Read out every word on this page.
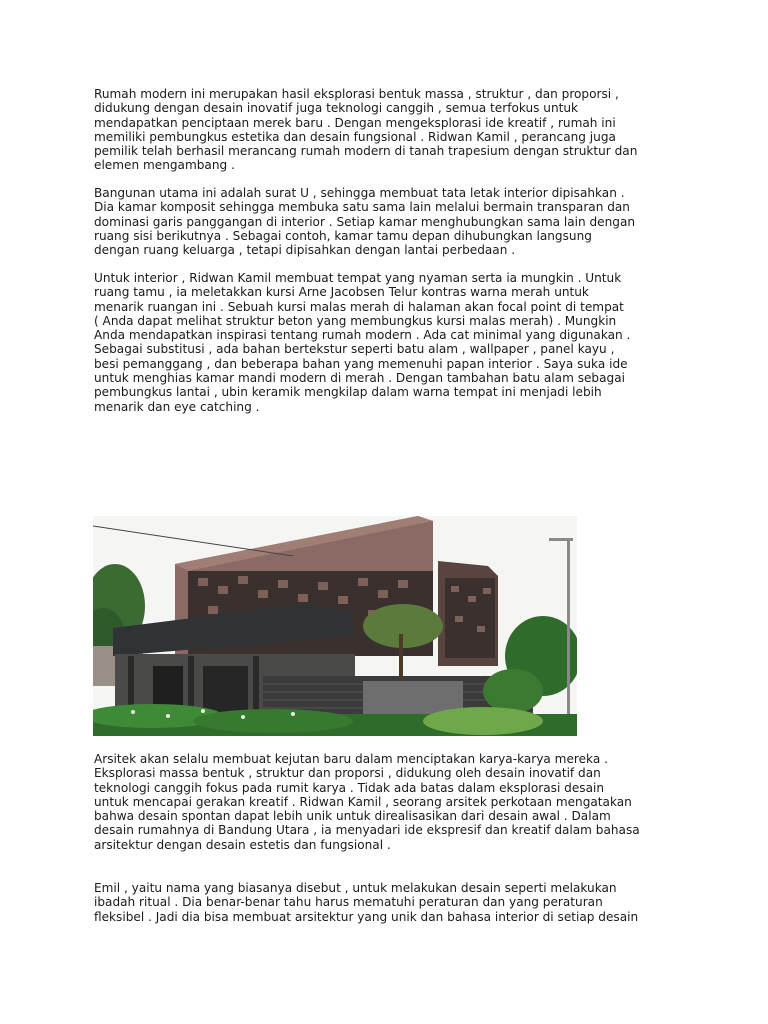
Rumah modern ini merupakan hasil eksplorasi bentuk massa , struktur , dan proporsi ,
didukung dengan desain inovatif juga teknologi canggih , semua terfokus untuk
mendapatkan penciptaan merek baru . Dengan mengeksplorasi ide kreatif , rumah ini
memiliki pembungkus estetika dan desain fungsional . Ridwan Kamil , perancang juga
pemilik telah berhasil merancang rumah modern di tanah trapesium dengan struktur dan
elemen mengambang .

Bangunan utama ini adalah surat U , sehingga membuat tata letak interior dipisahkan .
Dia kamar komposit sehingga membuka satu sama lain melalui bermain transparan dan
dominasi garis panggangan di interior . Setiap kamar menghubungkan sama lain dengan
ruang sisi berikutnya . Sebagai contoh, kamar tamu depan dihubungkan langsung
dengan ruang keluarga , tetapi dipisahkan dengan lantai perbedaan .

Untuk interior , Ridwan Kamil membuat tempat yang nyaman serta ia mungkin . Untuk
ruang tamu , ia meletakkan kursi Arne Jacobsen Telur kontras warna merah untuk
menarik ruangan ini . Sebuah kursi malas merah di halaman akan focal point di tempat
( Anda dapat melihat struktur beton yang membungkus kursi malas merah) . Mungkin
Anda mendapatkan inspirasi tentang rumah modern . Ada cat minimal yang digunakan .
Sebagai substitusi , ada bahan bertekstur seperti batu alam , wallpaper , panel kayu ,
besi pemanggang , dan beberapa bahan yang memenuhi papan interior . Saya suka ide
untuk menghias kamar mandi modern di merah . Dengan tambahan batu alam sebagai
pembungkus lantai , ubin keramik mengkilap dalam warna tempat ini menjadi lebih
menarik dan eye catching .

Arsitek akan selalu membuat kejutan baru dalam menciptakan karya-karya mereka .
Eksplorasi massa bentuk , struktur dan proporsi , didukung oleh desain inovatif dan
teknologi canggih fokus pada rumit karya . Tidak ada batas dalam eksplorasi desain
untuk mencapai gerakan kreatif . Ridwan Kamil , seorang arsitek perkotaan mengatakan
bahwa desain spontan dapat lebih unik untuk direalisasikan dari desain awal . Dalam
desain rumahnya di Bandung Utara , ia menyadari ide ekspresif dan kreatif dalam bahasa
arsitektur dengan desain estetis dan fungsional .

Emil , yaitu nama yang biasanya disebut , untuk melakukan desain seperti melakukan
ibadah ritual . Dia benar-benar tahu harus mematuhi peraturan dan yang peraturan
fleksibel . Jadi dia bisa membuat arsitektur yang unik dan bahasa interior di setiap desain
